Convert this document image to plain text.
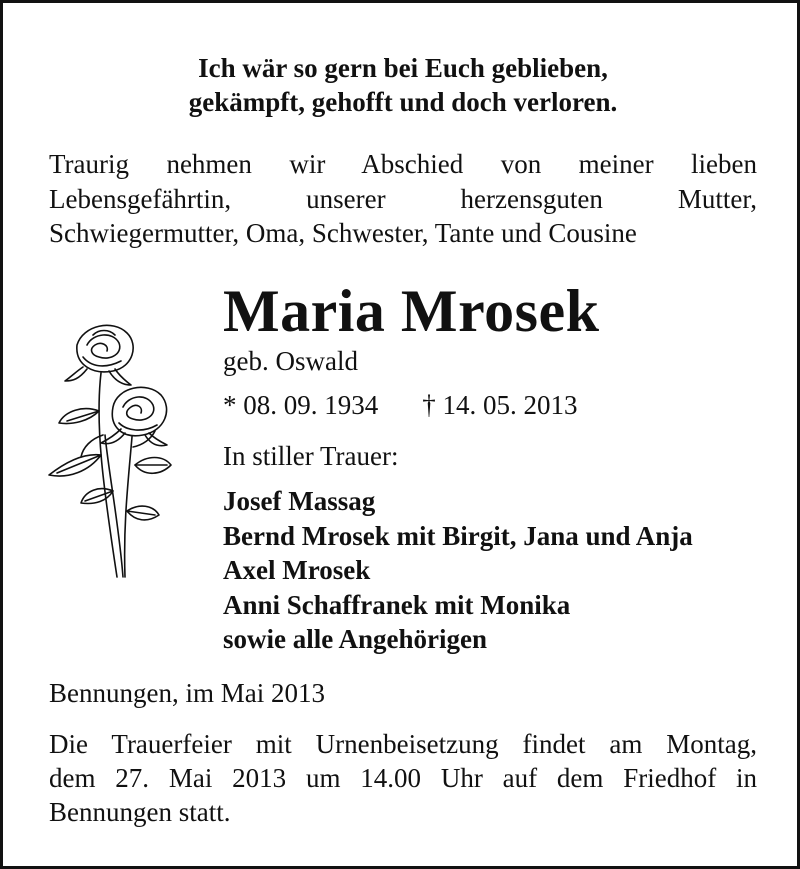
Ich wär so gern bei Euch geblieben,
gekämpft, gehofft und doch verloren.
Traurig nehmen wir Abschied von meiner lieben
Lebensgefährtin, unserer herzensguten Mutter,
Schwiegermutter, Oma, Schwester, Tante und Cousine
Maria Mrosek
geb. Oswald
* 08. 09. 1934 † 14. 05. 2013
In stiller Trauer:
Josef Massag
Bernd Mrosek mit Birgit, Jana und Anja
Axel Mrosek
Anni Schaffranek mit Monika
sowie alle Angehörigen
Bennungen, im Mai 2013
Die Trauerfeier mit Urnenbeisetzung findet am Montag,
dem 27. Mai 2013 um 14.00 Uhr auf dem Friedhof in
Bennungen statt.
